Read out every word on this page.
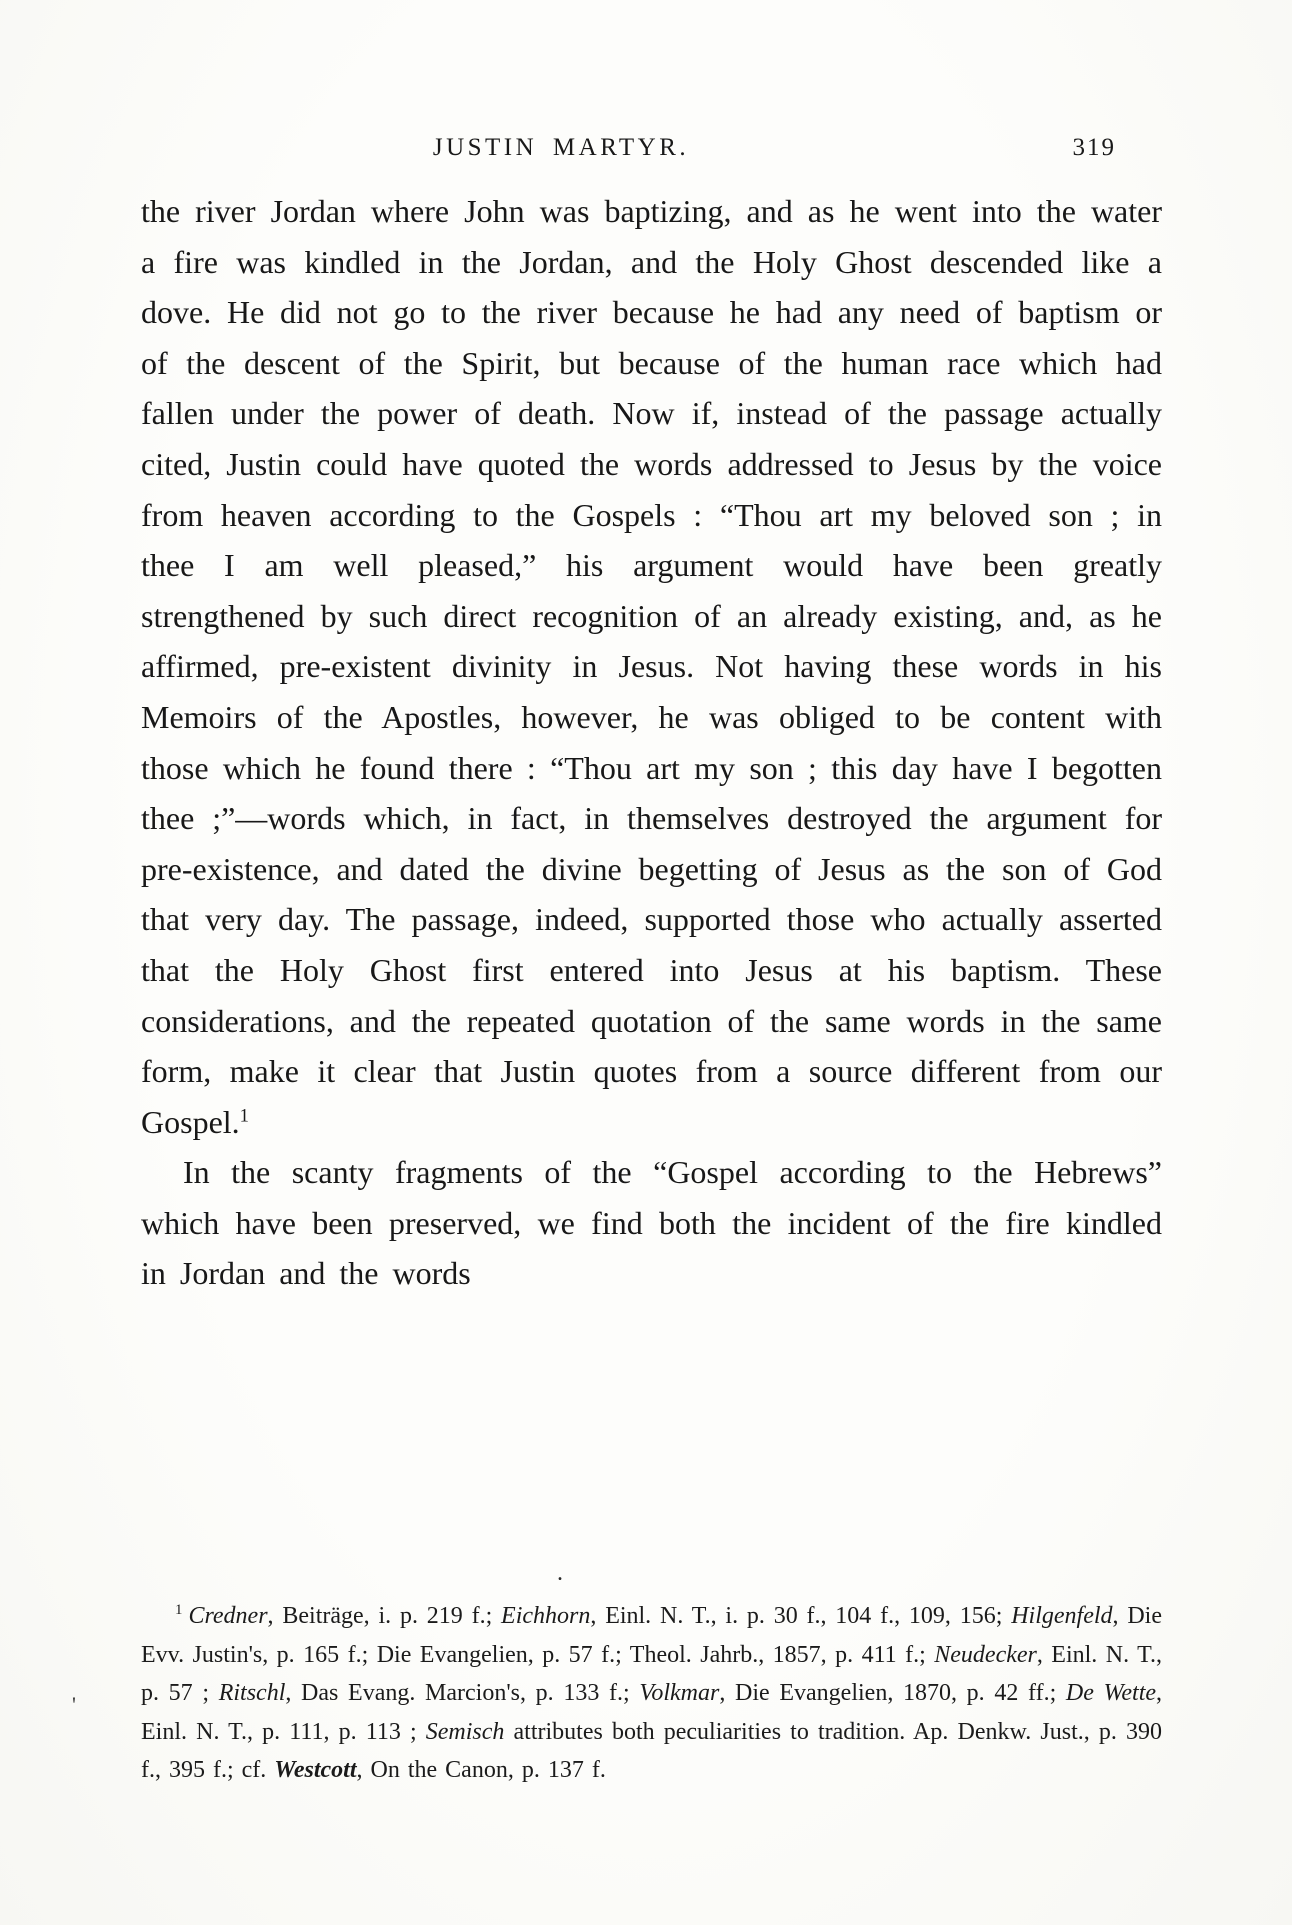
JUSTIN MARTYR.	319

the river Jordan where John was baptizing, and as he went into the water a fire was kindled in the Jordan, and the Holy Ghost descended like a dove. He did not go to the river because he had any need of baptism or of the descent of the Spirit, but because of the human race which had fallen under the power of death. Now if, instead of the passage actually cited, Justin could have quoted the words addressed to Jesus by the voice from heaven according to the Gospels : “Thou art my beloved son ; in thee I am well pleased,” his argument would have been greatly strengthened by such direct recognition of an already existing, and, as he affirmed, pre-existent divinity in Jesus. Not having these words in his Memoirs of the Apostles, however, he was obliged to be content with those which he found there : “Thou art my son ; this day have I begotten thee ;”—words which, in fact, in themselves destroyed the argument for pre-existence, and dated the divine begetting of Jesus as the son of God that very day. The passage, indeed, supported those who actually asserted that the Holy Ghost first entered into Jesus at his baptism. These considerations, and the repeated quotation of the same words in the same form, make it clear that Justin quotes from a source different from our Gospel.$^1$

In the scanty fragments of the “Gospel according to the Hebrews” which have been preserved, we find both the incident of the fire kindled in Jordan and the words

$^1$ Credner, Beiträge, i. p. 219 f.; Eichhorn, Einl. N. T., i. p. 30 f., 104 f., 109, 156; Hilgenfeld, Die Evv. Justin's, p. 165 f.; Die Evangelien, p. 57 f.; Theol. Jahrb., 1857, p. 411 f.; Neudecker, Einl. N. T., p. 57 ; Ritschl, Das Evang. Marcion's, p. 133 f.; Volkmar, Die Evangelien, 1870, p. 42 ff.; De Wette, Einl. N. T., p. 111, p. 113 ; Semisch attributes both peculiarities to tradition. Ap. Denkw. Just., p. 390 f., 395 f.; cf. Westcott, On the Canon, p. 137 f.
.
'
